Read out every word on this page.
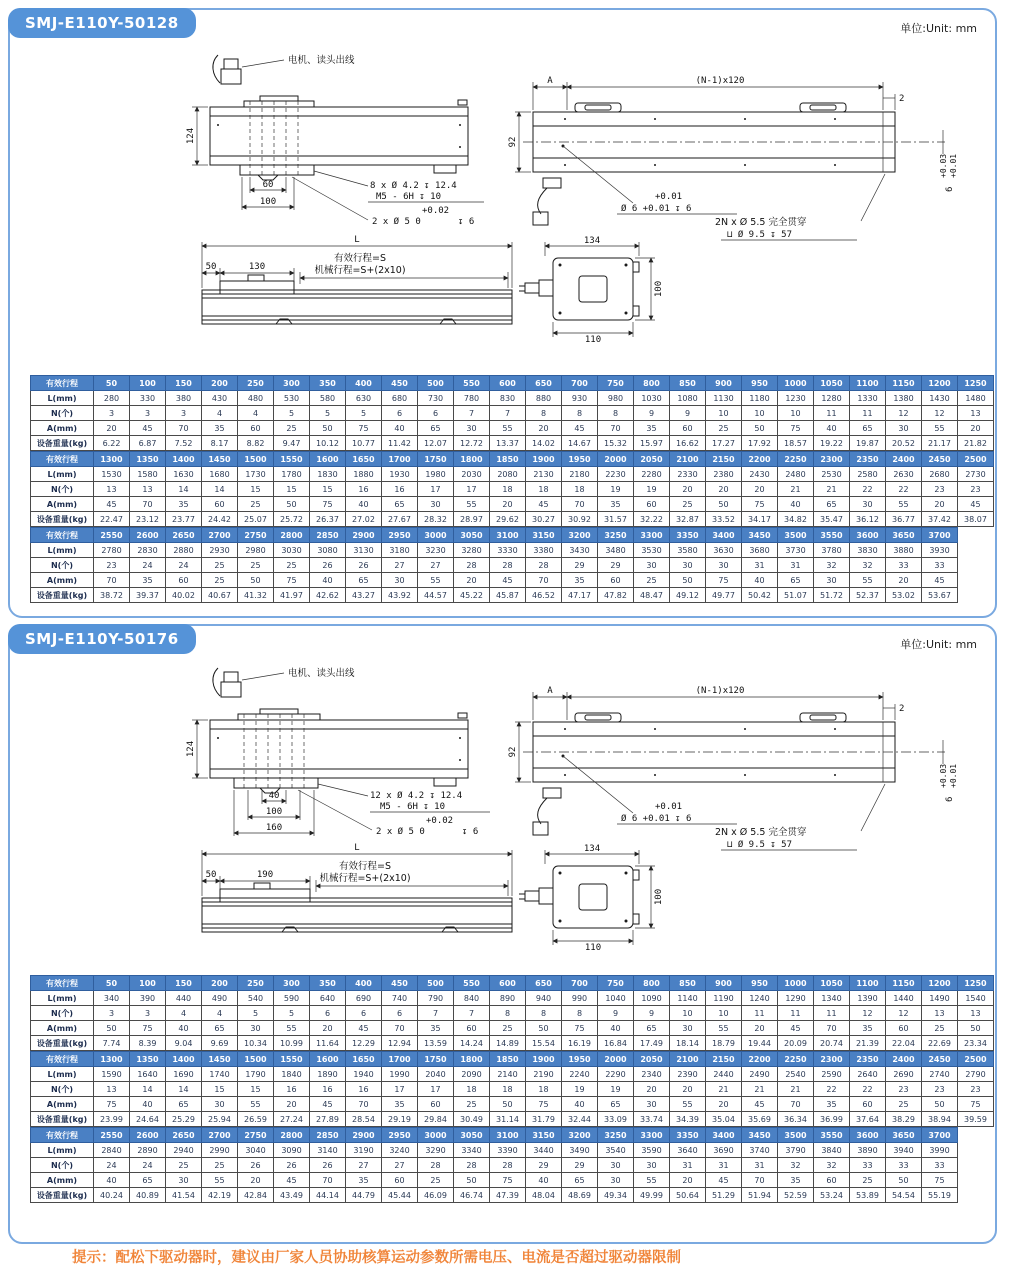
SMJ-E110Y-50128	单位:Unit: mm
电机、读头出线
124
60
100
8 x Ø 4.2 ↧ 12.4
M5 - 6H ↧ 10
+0.02
2 x Ø 5 0	↧ 6
A	(N-1)x120
2
92
+0.01
Ø 6 +0.01 ↧ 6
2N x Ø 5.5 完全贯穿
⊔ Ø 9.5 ↧ 57
+0.03 +0.01
6
L
有效行程=S
机械行程=S+(2x10)
50	130
134
100
110
有效行程	50	100	150	200	250	300	350	400	450	500	550	600	650	700	750	800	850	900	950	1000	1050	1100	1150	1200	1250
L(mm)	280	330	380	430	480	530	580	630	680	730	780	830	880	930	980	1030	1080	1130	1180	1230	1280	1330	1380	1430	1480
N(个)	3	3	3	4	4	5	5	5	6	6	7	7	8	8	8	9	9	10	10	10	11	11	12	12	13
A(mm)	20	45	70	35	60	25	50	75	40	65	30	55	20	45	70	35	60	25	50	75	40	65	30	55	20
设备重量(kg)	6.22	6.87	7.52	8.17	8.82	9.47	10.12	10.77	11.42	12.07	12.72	13.37	14.02	14.67	15.32	15.97	16.62	17.27	17.92	18.57	19.22	19.87	20.52	21.17	21.82
有效行程	1300	1350	1400	1450	1500	1550	1600	1650	1700	1750	1800	1850	1900	1950	2000	2050	2100	2150	2200	2250	2300	2350	2400	2450	2500
L(mm)	1530	1580	1630	1680	1730	1780	1830	1880	1930	1980	2030	2080	2130	2180	2230	2280	2330	2380	2430	2480	2530	2580	2630	2680	2730
N(个)	13	13	14	14	15	15	15	16	16	17	17	18	18	18	19	19	20	20	20	21	21	22	22	23	23
A(mm)	45	70	35	60	25	50	75	40	65	30	55	20	45	70	35	60	25	50	75	40	65	30	55	20	45
设备重量(kg)	22.47	23.12	23.77	24.42	25.07	25.72	26.37	27.02	27.67	28.32	28.97	29.62	30.27	30.92	31.57	32.22	32.87	33.52	34.17	34.82	35.47	36.12	36.77	37.42	38.07
有效行程	2550	2600	2650	2700	2750	2800	2850	2900	2950	3000	3050	3100	3150	3200	3250	3300	3350	3400	3450	3500	3550	3600	3650	3700
L(mm)	2780	2830	2880	2930	2980	3030	3080	3130	3180	3230	3280	3330	3380	3430	3480	3530	3580	3630	3680	3730	3780	3830	3880	3930
N(个)	23	24	24	25	25	25	26	26	27	27	28	28	28	29	29	30	30	30	31	31	32	32	33	33
A(mm)	70	35	60	25	50	75	40	65	30	55	20	45	70	35	60	25	50	75	40	65	30	55	20	45
设备重量(kg)	38.72	39.37	40.02	40.67	41.32	41.97	42.62	43.27	43.92	44.57	45.22	45.87	46.52	47.17	47.82	48.47	49.12	49.77	50.42	51.07	51.72	52.37	53.02	53.67
SMJ-E110Y-50176	单位:Unit: mm
电机、读头出线
124
40
100
160
12 x Ø 4.2 ↧ 12.4
M5 - 6H ↧ 10
+0.02
2 x Ø 5 0	↧ 6
A	(N-1)x120
2
92
+0.01
Ø 6 +0.01 ↧ 6
2N x Ø 5.5 完全贯穿
⊔ Ø 9.5 ↧ 57
+0.03 +0.01
6
L
有效行程=S
机械行程=S+(2x10)
50	190
134
100
110
有效行程	50	100	150	200	250	300	350	400	450	500	550	600	650	700	750	800	850	900	950	1000	1050	1100	1150	1200	1250
L(mm)	340	390	440	490	540	590	640	690	740	790	840	890	940	990	1040	1090	1140	1190	1240	1290	1340	1390	1440	1490	1540
N(个)	3	3	4	4	5	5	6	6	6	7	7	8	8	8	9	9	10	10	11	11	11	12	12	13	13
A(mm)	50	75	40	65	30	55	20	45	70	35	60	25	50	75	40	65	30	55	20	45	70	35	60	25	50
设备重量(kg)	7.74	8.39	9.04	9.69	10.34	10.99	11.64	12.29	12.94	13.59	14.24	14.89	15.54	16.19	16.84	17.49	18.14	18.79	19.44	20.09	20.74	21.39	22.04	22.69	23.34
有效行程	1300	1350	1400	1450	1500	1550	1600	1650	1700	1750	1800	1850	1900	1950	2000	2050	2100	2150	2200	2250	2300	2350	2400	2450	2500
L(mm)	1590	1640	1690	1740	1790	1840	1890	1940	1990	2040	2090	2140	2190	2240	2290	2340	2390	2440	2490	2540	2590	2640	2690	2740	2790
N(个)	13	14	14	15	15	16	16	16	17	17	18	18	18	19	19	20	20	21	21	21	22	22	23	23	23
A(mm)	75	40	65	30	55	20	45	70	35	60	25	50	75	40	65	30	55	20	45	70	35	60	25	50	75
设备重量(kg)	23.99	24.64	25.29	25.94	26.59	27.24	27.89	28.54	29.19	29.84	30.49	31.14	31.79	32.44	33.09	33.74	34.39	35.04	35.69	36.34	36.99	37.64	38.29	38.94	39.59
有效行程	2550	2600	2650	2700	2750	2800	2850	2900	2950	3000	3050	3100	3150	3200	3250	3300	3350	3400	3450	3500	3550	3600	3650	3700
L(mm)	2840	2890	2940	2990	3040	3090	3140	3190	3240	3290	3340	3390	3440	3490	3540	3590	3640	3690	3740	3790	3840	3890	3940	3990
N(个)	24	24	25	25	26	26	26	27	27	28	28	28	29	29	30	30	31	31	31	32	32	33	33	33
A(mm)	40	65	30	55	20	45	70	35	60	25	50	75	40	65	30	55	20	45	70	35	60	25	50	75
设备重量(kg)	40.24	40.89	41.54	42.19	42.84	43.49	44.14	44.79	45.44	46.09	46.74	47.39	48.04	48.69	49.34	49.99	50.64	51.29	51.94	52.59	53.24	53.89	54.54	55.19
提示：配松下驱动器时，建议由厂家人员协助核算运动参数所需电压、电流是否超过驱动器限制
